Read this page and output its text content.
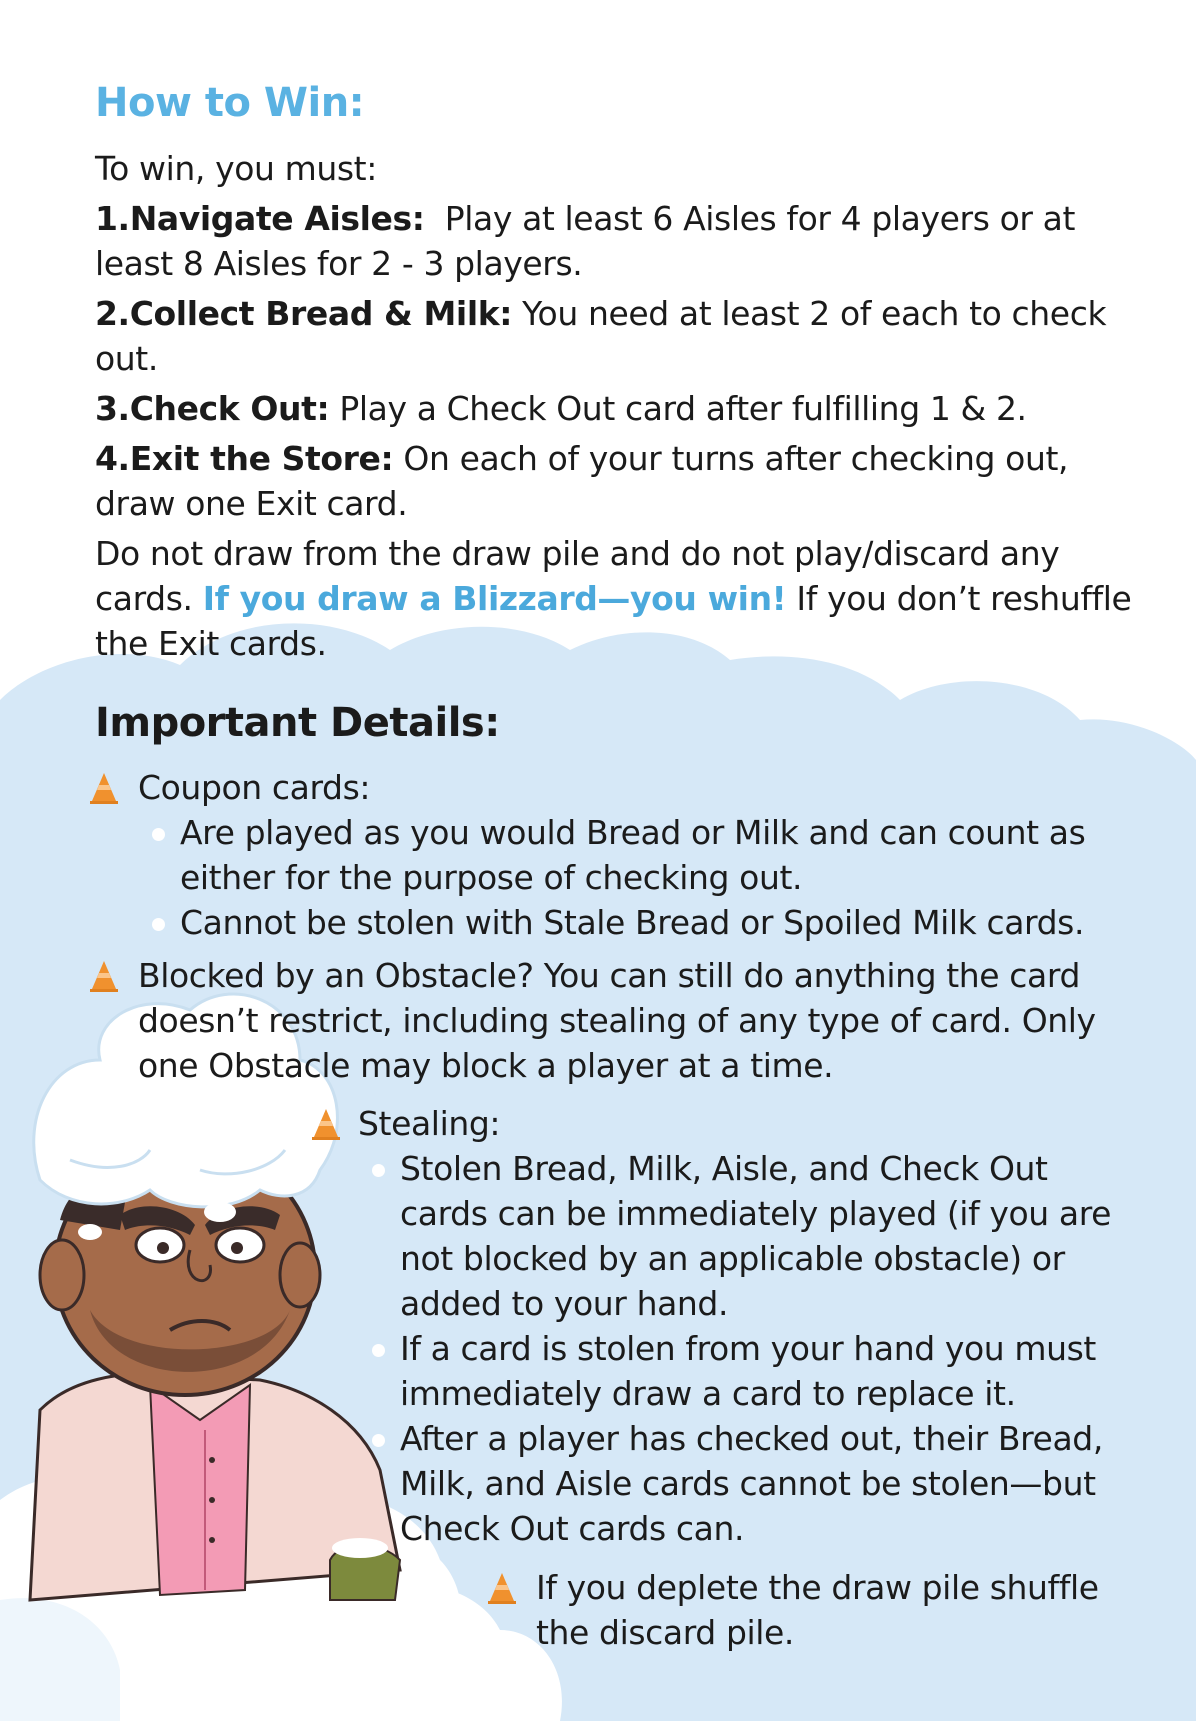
How to Win:

To win, you must:

1.Navigate Aisles:  Play at least 6 Aisles for 4 players or at least 8 Aisles for 2 - 3 players.

2.Collect Bread & Milk: You need at least 2 of each to check out.

3.Check Out: Play a Check Out card after fulfilling 1 & 2.

4.Exit the Store: On each of your turns after checking out, draw one Exit card.

Do not draw from the draw pile and do not play/discard any cards. If you draw a Blizzard—you win! If you don’t reshuffle the Exit cards.

Important Details:

Coupon cards:

Are played as you would Bread or Milk and can count as either for the purpose of checking out.

Cannot be stolen with Stale Bread or Spoiled Milk cards.

Blocked by an Obstacle? You can still do anything the card doesn’t restrict, including stealing of any type of card. Only one Obstacle may block a player at a time.

Stealing:

Stolen Bread, Milk, Aisle, and Check Out cards can be immediately played (if you are not blocked by an applicable obstacle) or added to your hand.

If a card is stolen from your hand you must immediately draw a card to replace it.

After a player has checked out, their Bread, Milk, and Aisle cards cannot be stolen—but Check Out cards can.

If you deplete the draw pile shuffle the discard pile.
